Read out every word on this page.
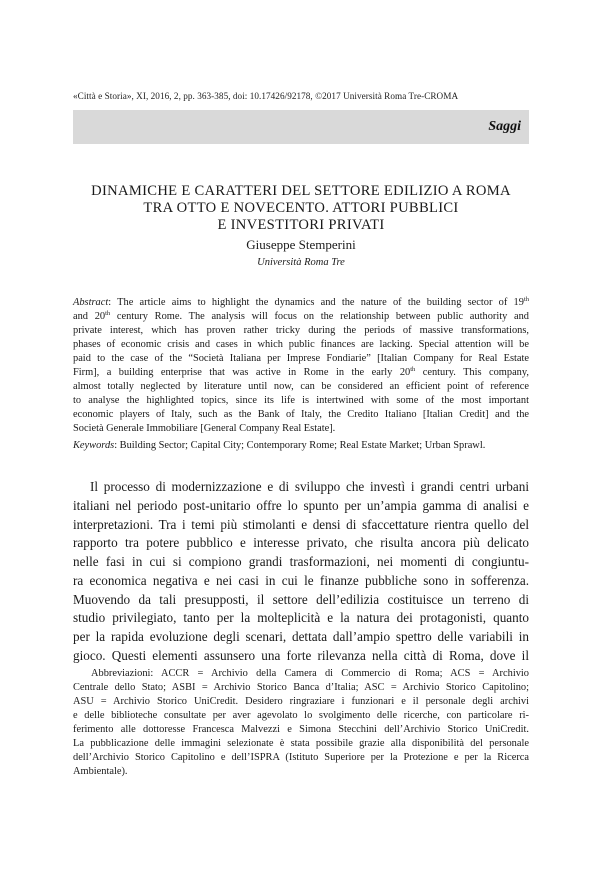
«Città e Storia», XI, 2016, 2, pp. 363-385, doi: 10.17426/92178, ©2017 Università Roma Tre-CROMA
Saggi
DINAMICHE E CARATTERI DEL SETTORE EDILIZIO A ROMA
TRA OTTO E NOVECENTO. ATTORI PUBBLICI
E INVESTITORI PRIVATI
Giuseppe Stemperini
Università Roma Tre
Abstract: The article aims to highlight the dynamics and the nature of the building sector of 19th
and 20th century Rome. The analysis will focus on the relationship between public authority and
private interest, which has proven rather tricky during the periods of massive transformations,
phases of economic crisis and cases in which public finances are lacking. Special attention will be
paid to the case of the “Società Italiana per Imprese Fondiarie” [Italian Company for Real Estate
Firm], a building enterprise that was active in Rome in the early 20th century. This company,
almost totally neglected by literature until now, can be considered an efficient point of reference
to analyse the highlighted topics, since its life is intertwined with some of the most important
economic players of Italy, such as the Bank of Italy, the Credito Italiano [Italian Credit] and the
Società Generale Immobiliare [General Company Real Estate].
Keywords: Building Sector; Capital City; Contemporary Rome; Real Estate Market; Urban Sprawl.
Il processo di modernizzazione e di sviluppo che investì i grandi centri urbani
italiani nel periodo post-unitario offre lo spunto per un’ampia gamma di analisi e
interpretazioni. Tra i temi più stimolanti e densi di sfaccettature rientra quello del
rapporto tra potere pubblico e interesse privato, che risulta ancora più delicato
nelle fasi in cui si compiono grandi trasformazioni, nei momenti di congiuntu-
ra economica negativa e nei casi in cui le finanze pubbliche sono in sofferenza.
Muovendo da tali presupposti, il settore dell’edilizia costituisce un terreno di
studio privilegiato, tanto per la molteplicità e la natura dei protagonisti, quanto
per la rapida evoluzione degli scenari, dettata dall’ampio spettro delle variabili in
gioco. Questi elementi assunsero una forte rilevanza nella città di Roma, dove il
Abbreviazioni: ACCR = Archivio della Camera di Commercio di Roma; ACS = Archivio
Centrale dello Stato; ASBI = Archivio Storico Banca d’Italia; ASC = Archivio Storico Capitolino;
ASU = Archivio Storico UniCredit. Desidero ringraziare i funzionari e il personale degli archivi
e delle biblioteche consultate per aver agevolato lo svolgimento delle ricerche, con particolare ri-
ferimento alle dottoresse Francesca Malvezzi e Simona Stecchini dell’Archivio Storico UniCredit.
La pubblicazione delle immagini selezionate è stata possibile grazie alla disponibilità del personale
dell’Archivio Storico Capitolino e dell’ISPRA (Istituto Superiore per la Protezione e per la Ricerca
Ambientale).
